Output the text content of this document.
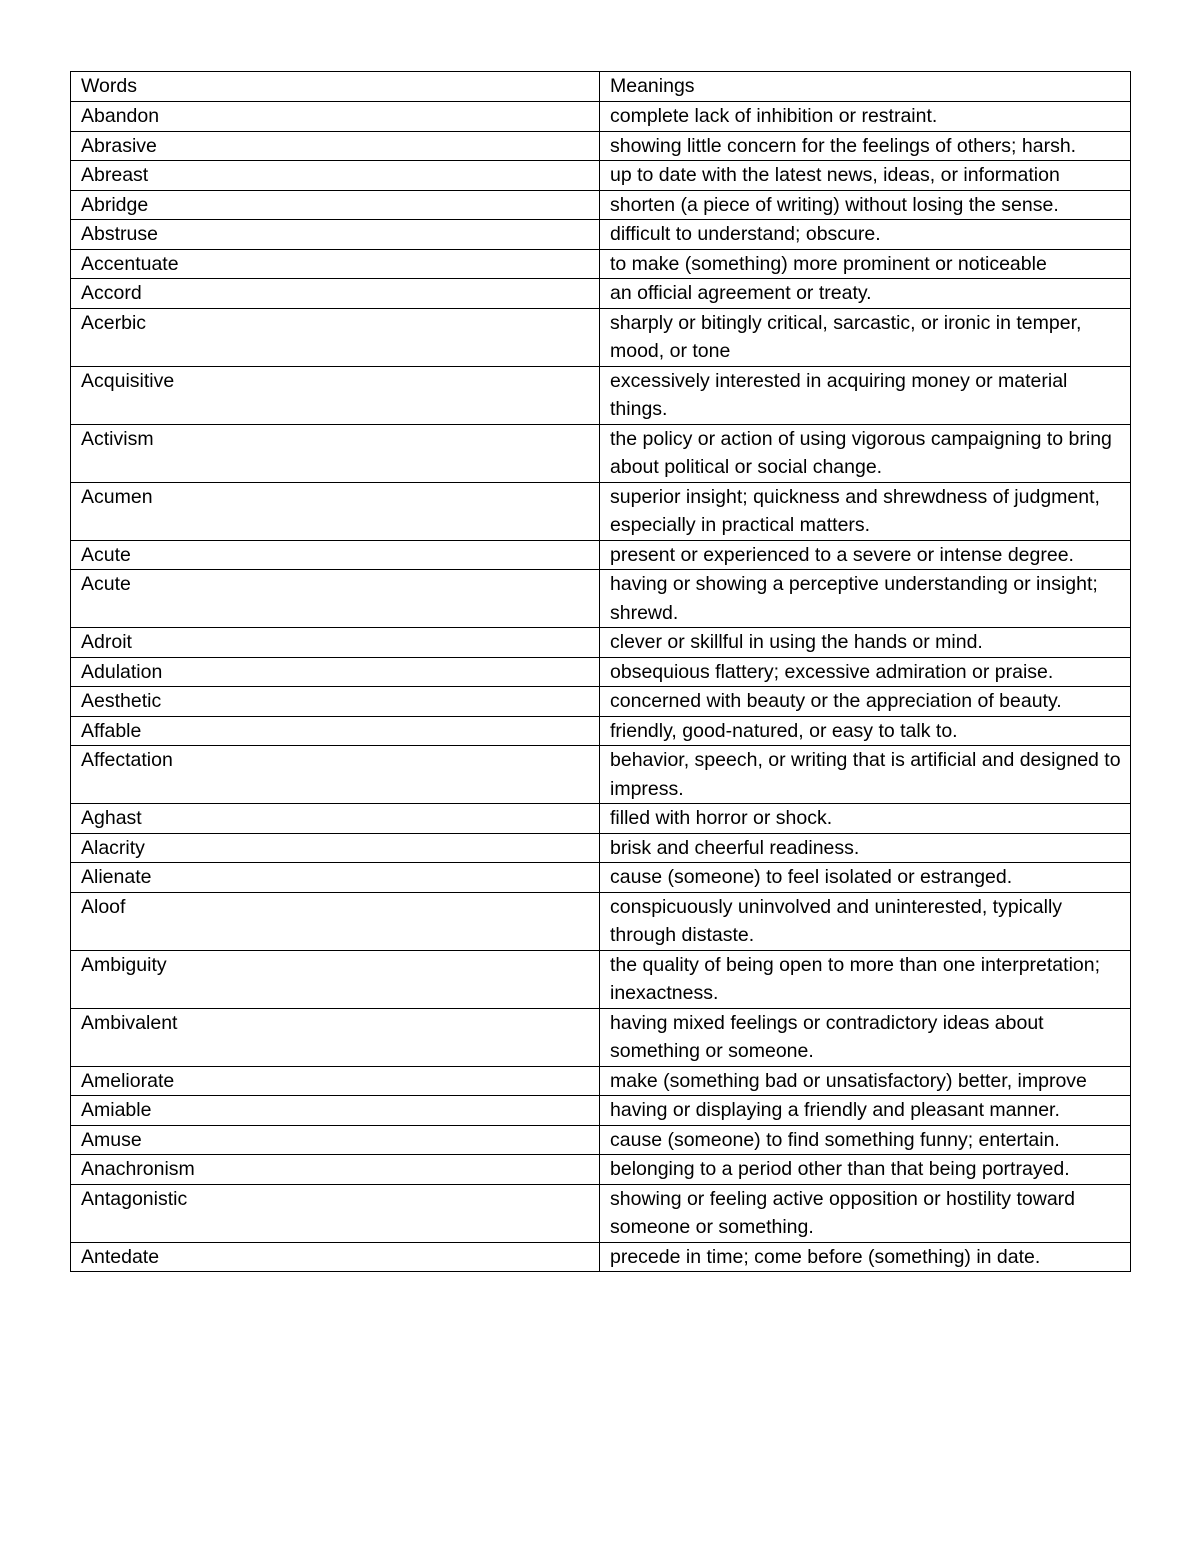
Words	Meanings
Abandon	complete lack of inhibition or restraint.
Abrasive	showing little concern for the feelings of others; harsh.
Abreast	up to date with the latest news, ideas, or information
Abridge	shorten (a piece of writing) without losing the sense.
Abstruse	difficult to understand; obscure.
Accentuate	to make (something) more prominent or noticeable
Accord	an official agreement or treaty.
Acerbic	sharply or bitingly critical, sarcastic, or ironic in temper, mood, or tone
Acquisitive	excessively interested in acquiring money or material things.
Activism	the policy or action of using vigorous campaigning to bring about political or social change.
Acumen	superior insight; quickness and shrewdness of judgment, especially in practical matters.
Acute	present or experienced to a severe or intense degree.
Acute	having or showing a perceptive understanding or insight; shrewd.
Adroit	clever or skillful in using the hands or mind.
Adulation	obsequious flattery; excessive admiration or praise.
Aesthetic	concerned with beauty or the appreciation of beauty.
Affable	friendly, good-natured, or easy to talk to.
Affectation	behavior, speech, or writing that is artificial and designed to impress.
Aghast	filled with horror or shock.
Alacrity	brisk and cheerful readiness.
Alienate	cause (someone) to feel isolated or estranged.
Aloof	conspicuously uninvolved and uninterested, typically through distaste.
Ambiguity	the quality of being open to more than one interpretation; inexactness.
Ambivalent	having mixed feelings or contradictory ideas about something or someone.
Ameliorate	make (something bad or unsatisfactory) better, improve
Amiable	having or displaying a friendly and pleasant manner.
Amuse	cause (someone) to find something funny; entertain.
Anachronism	belonging to a period other than that being portrayed.
Antagonistic	showing or feeling active opposition or hostility toward someone or something.
Antedate	precede in time; come before (something) in date.
